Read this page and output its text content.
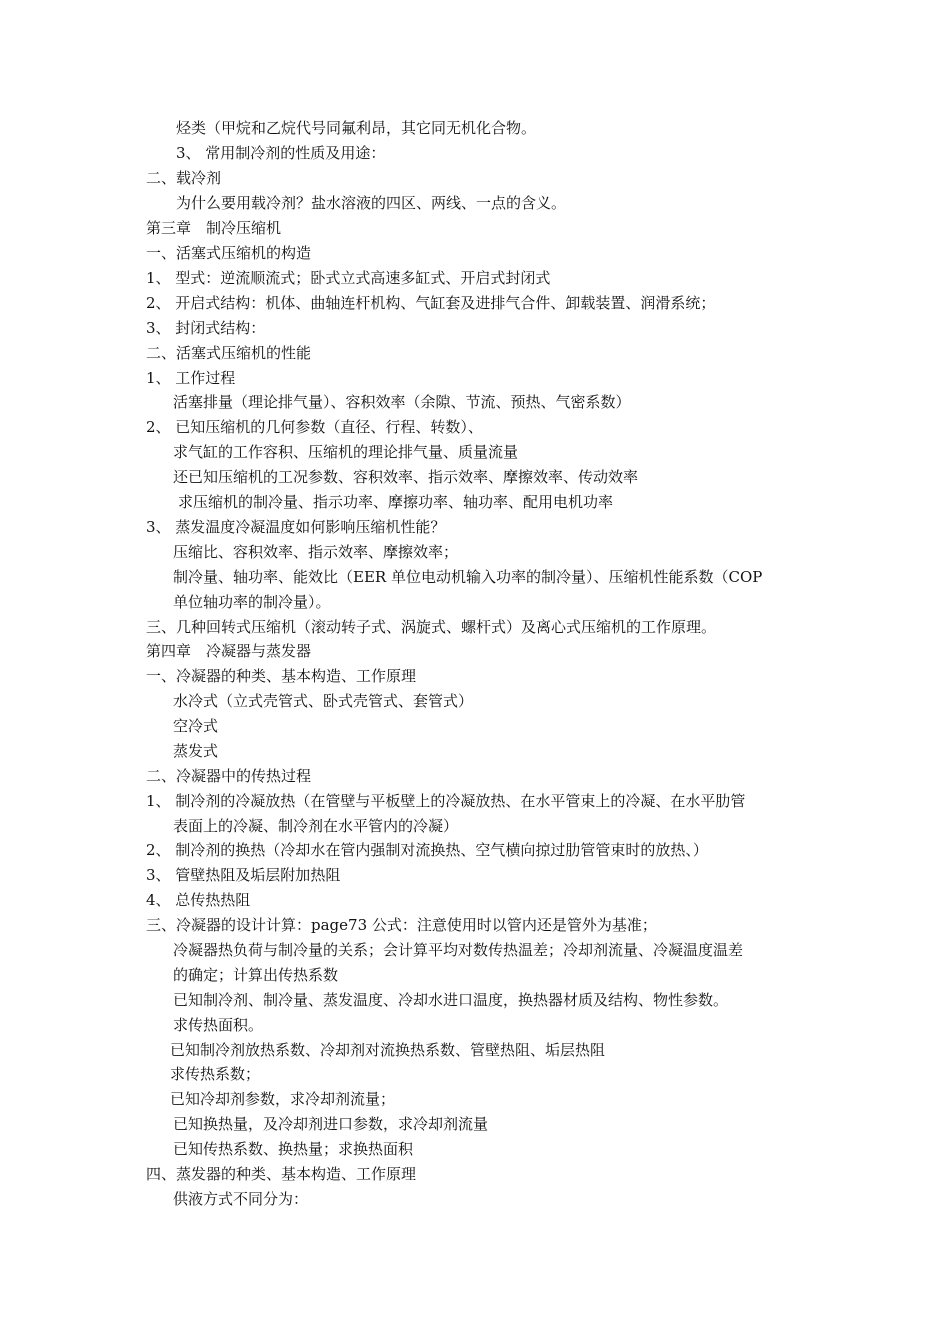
烃类（甲烷和乙烷代号同氟利昂，其它同无机化合物。
3、 常用制冷剂的性质及用途：
二、载冷剂
为什么要用载冷剂？盐水溶液的四区、两线、一点的含义。
第三章　制冷压缩机
一、活塞式压缩机的构造
1、 型式：逆流顺流式；卧式立式高速多缸式、开启式封闭式
2、 开启式结构：机体、曲轴连杆机构、气缸套及进排气合件、卸载装置、润滑系统；
3、 封闭式结构：
二、活塞式压缩机的性能
1、 工作过程
活塞排量（理论排气量）、容积效率（余隙、节流、预热、气密系数）
2、 已知压缩机的几何参数（直径、行程、转数）、
求气缸的工作容积、压缩机的理论排气量、质量流量
还已知压缩机的工况参数、容积效率、指示效率、摩擦效率、传动效率
求压缩机的制冷量、指示功率、摩擦功率、轴功率、配用电机功率
3、 蒸发温度冷凝温度如何影响压缩机性能？
压缩比、容积效率、指示效率、摩擦效率；
制冷量、轴功率、能效比（EER 单位电动机输入功率的制冷量）、压缩机性能系数（COP
单位轴功率的制冷量）。
三、几种回转式压缩机（滚动转子式、涡旋式、螺杆式）及离心式压缩机的工作原理。
第四章　冷凝器与蒸发器
一、冷凝器的种类、基本构造、工作原理
水冷式（立式壳管式、卧式壳管式、套管式）
空冷式
蒸发式
二、冷凝器中的传热过程
1、 制冷剂的冷凝放热（在管壁与平板壁上的冷凝放热、在水平管束上的冷凝、在水平肋管
表面上的冷凝、制冷剂在水平管内的冷凝）
2、 制冷剂的换热（冷却水在管内强制对流换热、空气横向掠过肋管管束时的放热、）
3、 管壁热阻及垢层附加热阻
4、 总传热热阻
三、冷凝器的设计计算：page73 公式：注意使用时以管内还是管外为基准；
冷凝器热负荷与制冷量的关系；会计算平均对数传热温差；冷却剂流量、冷凝温度温差
的确定；计算出传热系数
已知制冷剂、制冷量、蒸发温度、冷却水进口温度，换热器材质及结构、物性参数。
求传热面积。
已知制冷剂放热系数、冷却剂对流换热系数、管壁热阻、垢层热阻
求传热系数；
已知冷却剂参数，求冷却剂流量；
已知换热量，及冷却剂进口参数，求冷却剂流量
已知传热系数、换热量；求换热面积
四、蒸发器的种类、基本构造、工作原理
供液方式不同分为：
